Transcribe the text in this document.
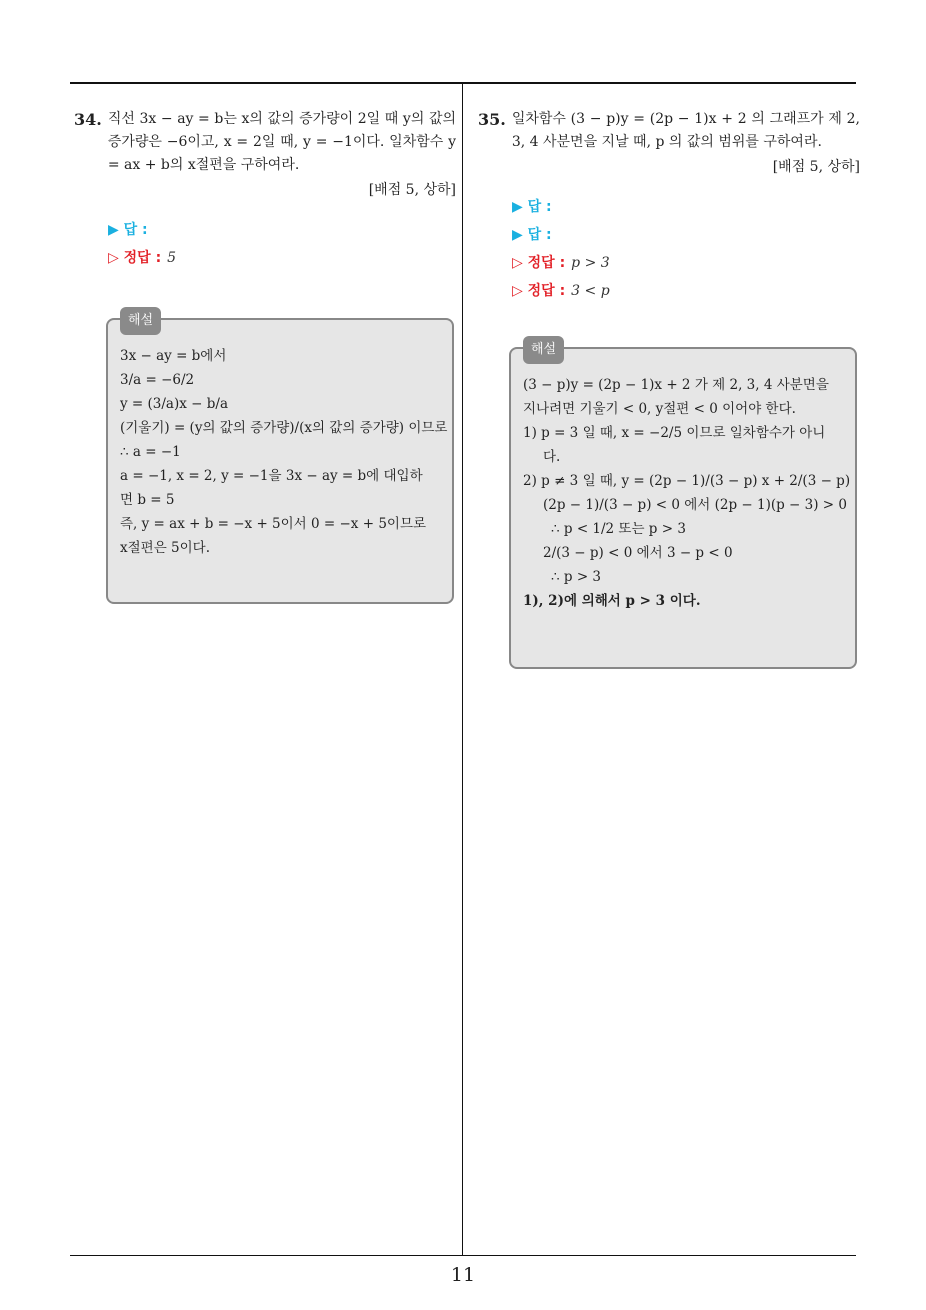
34. 직선 3x − ay = b는 x의 값의 증가량이 2일 때 y의 값의 증가량은 −6이고, x = 2일 때, y = −1이다. 일차함수 y = ax + b의 x절편을 구하여라.
[배점 5, 상하]
▶ 답 :
▷ 정답 : 5
해설
3x − ay = b에서
3/a = −6/2
y = (3/a)x − b/a
(기울기) = (y의 값의 증가량)/(x의 값의 증가량) 이므로
∴ a = −1
a = −1, x = 2, y = −1을 3x − ay = b에 대입하
면 b = 5
즉, y = ax + b = −x + 5이서 0 = −x + 5이므로
x절편은 5이다.
35. 일차함수 (3 − p)y = (2p − 1)x + 2 의 그래프가 제 2, 3, 4 사분면을 지날 때, p 의 값의 범위를 구하여라.
[배점 5, 상하]
▶ 답 :
▶ 답 :
▷ 정답 : p > 3
▷ 정답 : 3 < p
해설
(3 − p)y = (2p − 1)x + 2 가 제 2, 3, 4 사분면을
지나려면 기울기 < 0, y절편 < 0 이어야 한다.
1) p = 3 일 때, x = −2/5 이므로 일차함수가 아니
다.
2) p ≠ 3 일 때, y = (2p − 1)/(3 − p) x + 2/(3 − p)
(2p − 1)/(3 − p) < 0 에서 (2p − 1)(p − 3) > 0
∴ p < 1/2 또는 p > 3
2/(3 − p) < 0 에서 3 − p < 0
∴ p > 3
1), 2)에 의해서 p > 3 이다.
11
